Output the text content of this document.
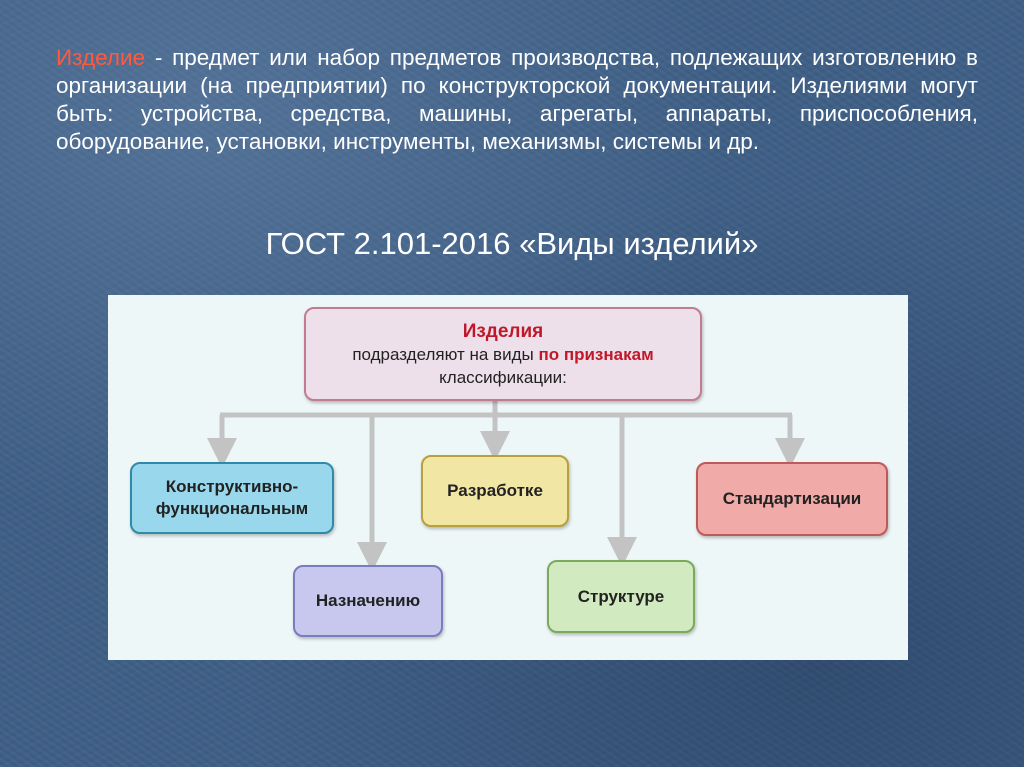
Изделие - предмет или набор предметов производства, подлежащих изготовлению в организации (на предприятии) по конструкторской документации. Изделиями могут быть: устройства, средства, машины, агрегаты, аппараты, приспособления, оборудование, установки, инструменты, механизмы, системы и др.
ГОСТ 2.101-2016 «Виды изделий»
Изделия
подразделяют на виды по признакам
классификации:
Конструктивно-функциональным
Разработке	Стандартизации
Назначению	Структуре
